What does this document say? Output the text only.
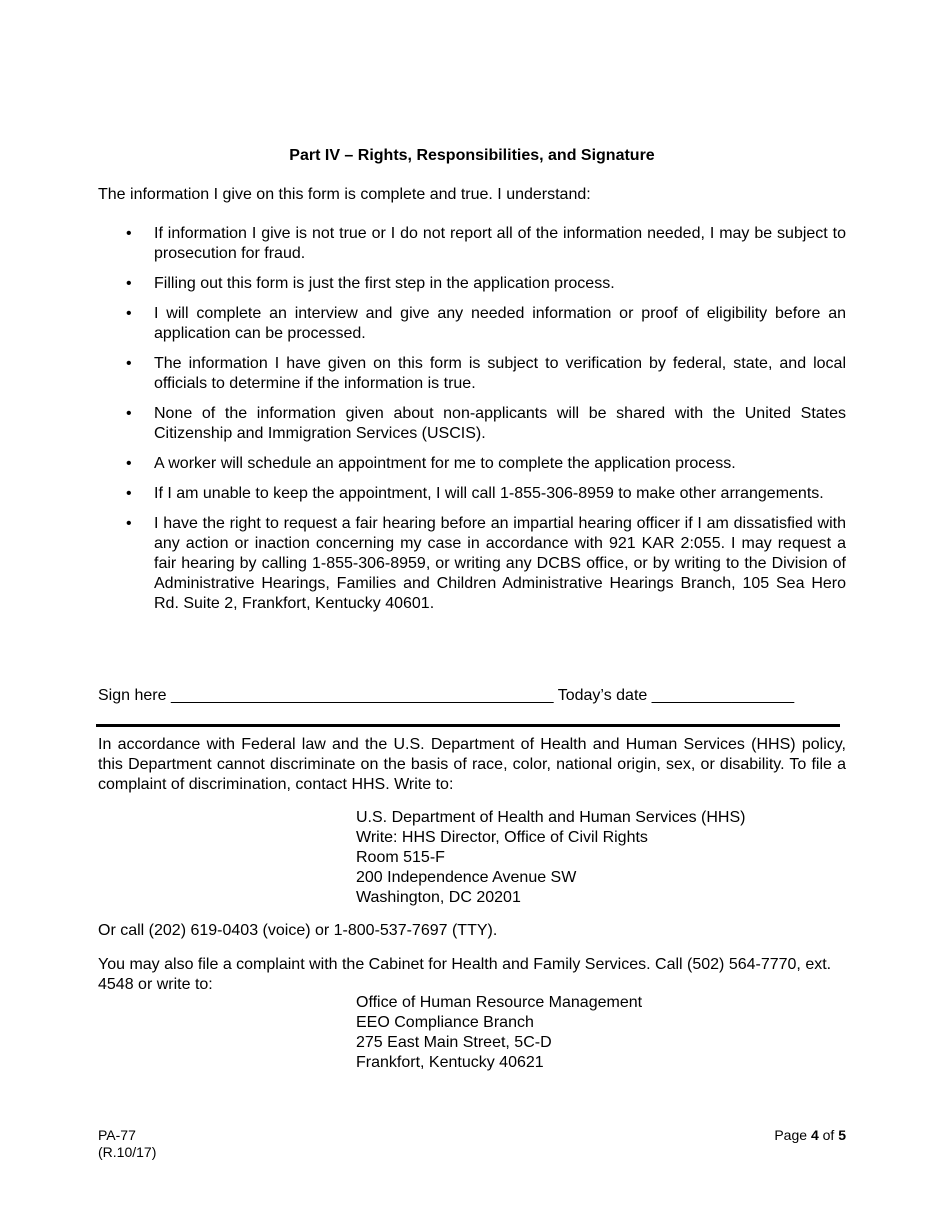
Part IV – Rights, Responsibilities, and Signature
The information I give on this form is complete and true. I understand:
• If information I give is not true or I do not report all of the information needed, I may be subject to prosecution for fraud.
• Filling out this form is just the first step in the application process.
• I will complete an interview and give any needed information or proof of eligibility before an application can be processed.
• The information I have given on this form is subject to verification by federal, state, and local officials to determine if the information is true.
• None of the information given about non-applicants will be shared with the United States Citizenship and Immigration Services (USCIS).
• A worker will schedule an appointment for me to complete the application process.
• If I am unable to keep the appointment, I will call 1-855-306-8959 to make other arrangements.
• I have the right to request a fair hearing before an impartial hearing officer if I am dissatisfied with any action or inaction concerning my case in accordance with 921 KAR 2:055. I may request a fair hearing by calling 1-855-306-8959, or writing any DCBS office, or by writing to the Division of Administrative Hearings, Families and Children Administrative Hearings Branch, 105 Sea Hero Rd. Suite 2, Frankfort, Kentucky 40601.
Sign here ___________________________________________ Today’s date ________________

In accordance with Federal law and the U.S. Department of Health and Human Services (HHS) policy, this Department cannot discriminate on the basis of race, color, national origin, sex, or disability. To file a complaint of discrimination, contact HHS. Write to:

U.S. Department of Health and Human Services (HHS)
Write: HHS Director, Office of Civil Rights
Room 515-F
200 Independence Avenue SW
Washington, DC 20201
Or call (202) 619-0403 (voice) or 1-800-537-7697 (TTY).

You may also file a complaint with the Cabinet for Health and Family Services. Call (502) 564-7770, ext. 4548 or write to:

Office of Human Resource Management
EEO Compliance Branch
275 East Main Street, 5C-D
Frankfort, Kentucky 40621
PA-77
(R.10/17)
Page 4 of 5
